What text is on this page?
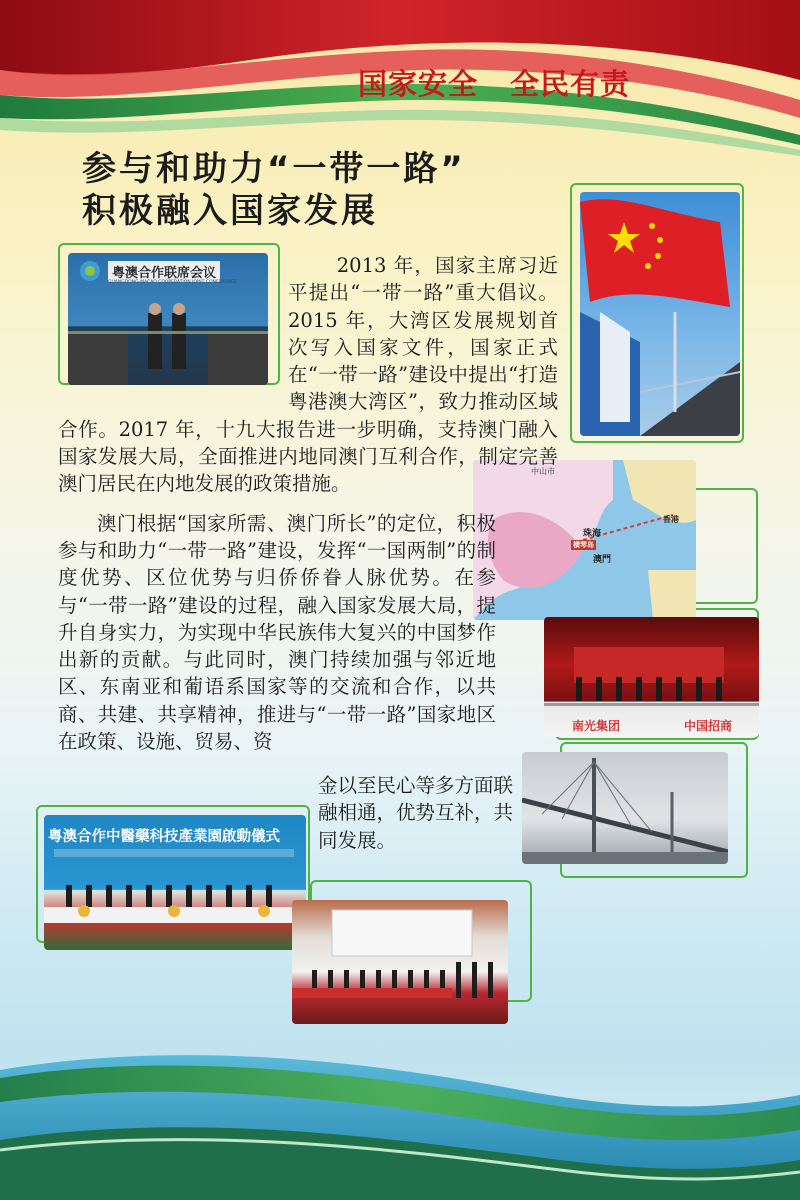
国家安全 全民有责
参与和助力“一带一路”
积极融入国家发展
粤澳合作联席会议
GUANGDONG-MACAO COOPERATION JOINT CONFERENCE
中山市
珠海
澳門
香港
横琴岛
南光集团	中国招商
粤澳合作中醫藥科技產業園啟動儀式

2013 年，国家主席习近平提出“一带一路”重大倡议。2015 年，大湾区发展规划首次写入国家文件，国家正式在“一带一路”建设中提出“打造粤港澳大湾区”，致力推动区域合作。2017 年，十九大报告进一步明确，支持澳门融入国家发展大局，全面推进内地同澳门互利合作，制定完善澳门居民在内地发展的政策措施。

澳门根据“国家所需、澳门所长”的定位，积极参与和助力“一带一路”建设，发挥“一国两制”的制度优势、区位优势与归侨侨眷人脉优势。在参与“一带一路”建设的过程，融入国家发展大局，提升自身实力，为实现中华民族伟大复兴的中国梦作出新的贡献。与此同时，澳门持续加强与邻近地区、东南亚和葡语系国家等的交流和合作，以共商、共建、共享精神，推进与“一带一路”国家地区在政策、设施、贸易、资

金以至民心等多方面联融相通，优势互补，共同发展。
